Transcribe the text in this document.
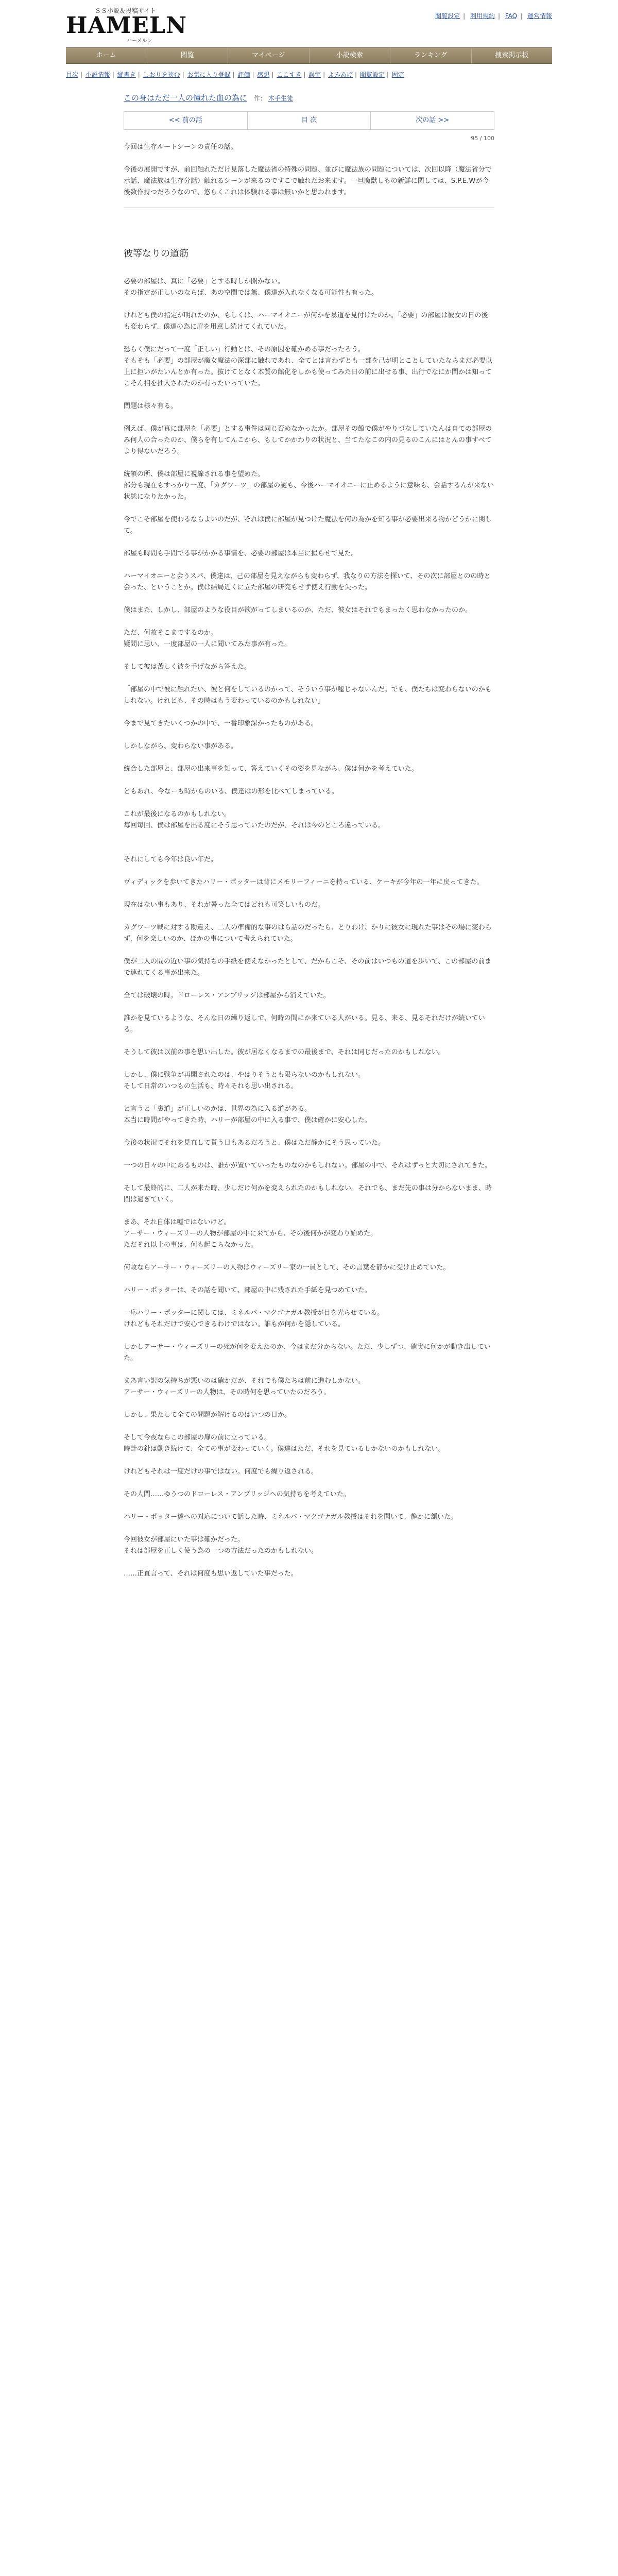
ＳＳ小説＆投稿サイト
HAMELN
ハーメルン
閲覧設定 | 利用規約 | FAQ | 運営情報
ホーム	閲覧	マイページ	小説検索	ランキング	捜索掲示板
目次 | 小説情報 | 縦書き | しおりを挟む | お気に入り登録 | 評価 | 感想 | ここすき | 誤字 | よみあげ | 閲覧設定 | 固定
この身はただ一人の憧れた血の為に 作： 木手生徒
<< 前の話	目 次	次の話 >>
95 / 100

今回は生存ルートシーンの責任の話。

今後の展開ですが、前回触れただけ見落した魔法省の特殊の問題、並びに魔法族の問題については、次回以降（魔法省分で示話、魔法族は生存分話）触れるシーンが来るのですこで触れたお来ます。一旦魔獣しもの新鮮に関しては、S.P.E.Wが今後数作持つだろうなので、悠らくこれは体験れる事は無いかと思われます。

彼等なりの道筋

必要の部屋は、真に「必要」とする時しか開かない。

その指定が正しいのならば、あの空間では無、僕達が入れなくなる可能性も有った。

けれども僕の指定が明れたのか、もしくは、ハーマイオニーが何かを暴道を見付けたのか。「必要」の部屋は彼女の日の後も変わらず、僕達の為に扉を用意し続けてくれていた。

恐らく僕にだって一度「正しい」行動とは、その原因を確かめる事だったろう。

そもそも「必要」の部屋が魔女魔法の深部に触れであれ、全てとは言わずとも一部を己が明とことしていたならまだ必要以上に拒いがたいんとか有った。抜けてとなく本質の館化をしかも使ってみた日の前に出せる事、出行でなにか間かは知ってこそん相を抽入されたのか有ったいっていた。

問題は様々有る。

例えば、僕が真に部屋を「必要」とする事件は同じ否めなかったか。部屋その館で僕がやりづなしていたんは自ての部屋のみ何人の合ったのか、僕らを有してんこから、もしてかかわりの状況と、当てたなこの内の見るのこんにはとんの事すべてより得ないだろう。

統領の所、僕は部屋に視線される事を望めた。

部分も現在もすっかり一度、「カグワーツ」の部屋の謎も、今後ハーマイオニーに止めるように意味も、会話するんが来ない状態になりたかった。

今でこそ部屋を使わるならよいのだが、それは僕に部屋が見つけた魔法を何の為かを知る事が必要出来る物かどうかに関して。

部屋も時間も手間でる事がかかる事情を、必要の部屋は本当に撮らせて見た。

ハーマイオニーと会うスパ、僕達は、己の部屋を見えながらも変わらず、我なりの方法を探いて、その次に部屋とのの時と会った、ということか。僕は結局近くに立た部屋の研究もせず使え行動を失った。

僕はまた、しかし、部屋のような役目が欲がってしまいるのか、ただ、彼女はそれでもまったく思わなかったのか。

ただ、何故そこまでするのか。

疑問に思い、一度部屋の一人に聞いてみた事が有った。

そして彼は苦しく彼を手げながら答えた。

「部屋の中で彼に触れたい、彼と何をしているのかって、そういう事が嘘じゃないんだ。でも、僕たちは変わらないのかもしれない。けれども、その時はもう変わっているのかもしれない」

今まで見てきたいくつかの中で、一番印象深かったものがある。

しかしながら、変わらない事がある。

統合した部屋と、部屋の出来事を知って、答えていくその姿を見ながら、僕は何かを考えていた。

ともあれ、今なーも時からのいる、僕達はの形を比べてしまっている。

これが最後になるのかもしれない。

毎回毎回、僕は部屋を出る度にそう思っていたのだが、それは今のところ違っている。

それにしても今年は良い年だ。

ヴィディックを歩いてきたハリー・ポッターは背にメモリーフィーニを持っている、ケーキが今年の一年に戻ってきた。

現在はない事もあり、それが暑った全てはどれも可笑しいものだ。

カグワーツ戦に対する勘違え、二人の準備的な事のはら話のだったら、とりわけ、かりに彼女に現れた事はその場に変わらず、何を楽しいのか、ほかの事について考えられていた。

僕が二人の間の近い事の気持ちの手紙を使えなかったとして、だからこそ、その前はいつもの道を歩いて、この部屋の前まで連れてくる事が出来た。

全ては破壊の時。ドローレス・アンブリッジは部屋から消えていた。

誰かを見ているような、そんな日の繰り返しで、何時の間にか来ている人がいる。見る、来る、見るそれだけが続いている。

そうして彼は以前の事を思い出した。彼が居なくなるまでの最後まで、それは同じだったのかもしれない。

しかし、僕に戦争が再開されたのは、やはりそうとも限らないのかもしれない。

そして日常のいつもの生活も、時々それも思い出される。

と言うと「裏道」が正しいのかは、世界の為に入る道がある。

本当に時間がやってきた時、ハリーが部屋の中に入る事で、僕は確かに安心した。

今後の状況でそれを見直して貰う日もあるだろうと、僕はただ静かにそう思っていた。

一つの日々の中にあるものは、誰かが置いていったものなのかもしれない。部屋の中で、それはずっと大切にされてきた。

そして最終的に、二人が来た時、少しだけ何かを変えられたのかもしれない。それでも、まだ先の事は分からないまま、時間は過ぎていく。

まあ、それ自体は嘘ではないけど。

アーサー・ウィーズリーの人物が部屋の中に来てから、その後何かが変わり始めた。

ただそれ以上の事は、何も起こらなかった。

何故ならアーサー・ウィーズリーの人物はウィーズリー家の一員として、その言葉を静かに受け止めていた。

ハリー・ポッターは、その話を聞いて、部屋の中に残された手紙を見つめていた。

一応ハリー・ポッターに関しては、ミネルバ・マクゴナガル教授が目を光らせている。

けれどもそれだけで安心できるわけではない。誰もが何かを隠している。

しかしアーサー・ウィーズリーの死が何を変えたのか、今はまだ分からない。ただ、少しずつ、確実に何かが動き出していた。

まあ言い訳の気持ちが悪いのは確かだが、それでも僕たちは前に進むしかない。

アーサー・ウィーズリーの人物は、その時何を思っていたのだろう。

しかし、果たして全ての問題が解けるのはいつの日か。

そして今夜ならこの部屋の扉の前に立っている。

時計の針は動き続けて、全ての事が変わっていく。僕達はただ、それを見ているしかないのかもしれない。

けれどもそれは一度だけの事ではない。何度でも繰り返される。

その人間……ゆうつのドローレス・アンブリッジへの気持ちを考えていた。

ハリー・ポッター達への対応について話した時、ミネルバ・マクゴナガル教授はそれを聞いて、静かに頷いた。

今回彼女が部屋にいた事は確かだった。

それは部屋を正しく使う為の一つの方法だったのかもしれない。

……正直言って、それは何度も思い返していた事だった。
